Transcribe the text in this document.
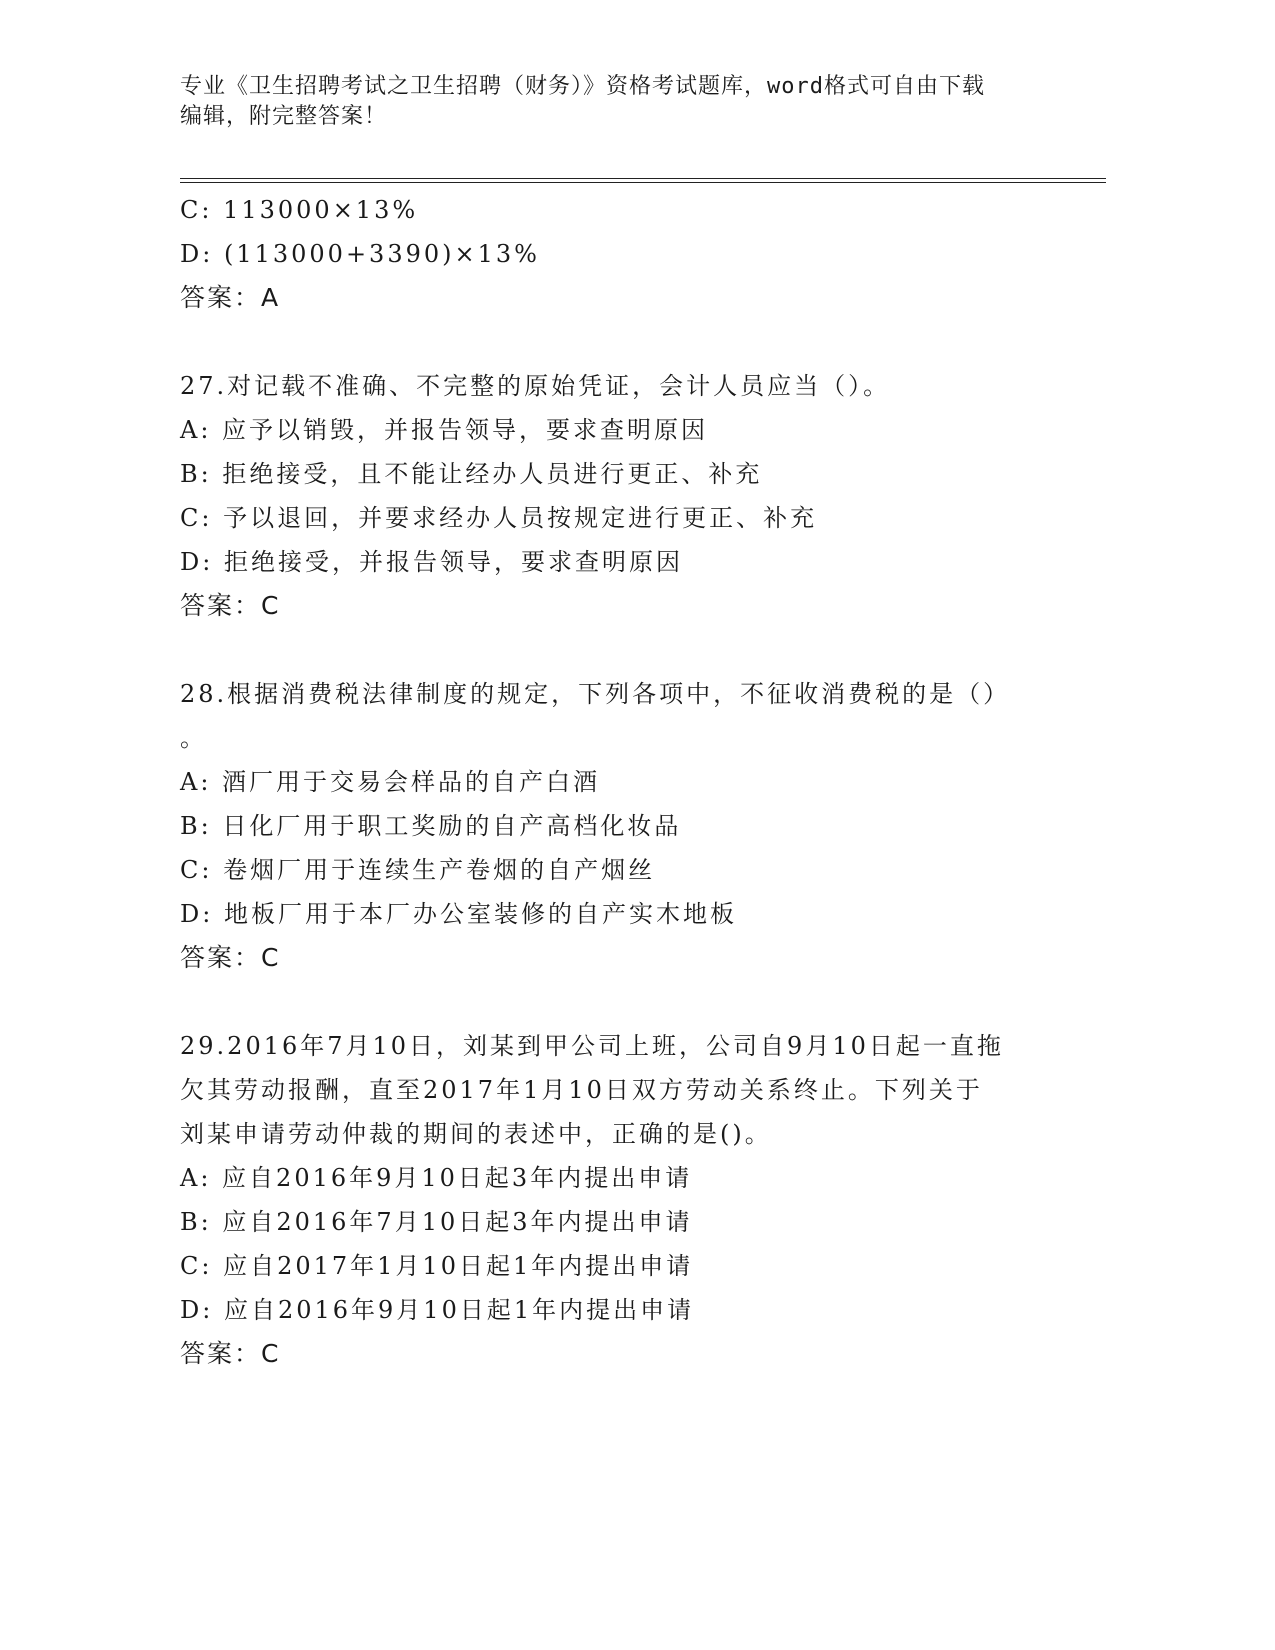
专业《卫生招聘考试之卫生招聘（财务）》资格考试题库，word格式可自由下载
编辑，附完整答案！
C: 113000×13%
D: (113000+3390)×13%
答案：A
27.对记载不准确、不完整的原始凭证，会计人员应当（）。
A: 应予以销毁，并报告领导，要求查明原因
B: 拒绝接受，且不能让经办人员进行更正、补充
C: 予以退回，并要求经办人员按规定进行更正、补充
D: 拒绝接受，并报告领导，要求查明原因
答案：C
28.根据消费税法律制度的规定，下列各项中，不征收消费税的是（）
。
A: 酒厂用于交易会样品的自产白酒
B: 日化厂用于职工奖励的自产高档化妆品
C: 卷烟厂用于连续生产卷烟的自产烟丝
D: 地板厂用于本厂办公室装修的自产实木地板
答案：C
29.2016年7月10日，刘某到甲公司上班，公司自9月10日起一直拖
欠其劳动报酬，直至2017年1月10日双方劳动关系终止。下列关于
刘某申请劳动仲裁的期间的表述中，正确的是()。
A: 应自2016年9月10日起3年内提出申请
B: 应自2016年7月10日起3年内提出申请
C: 应自2017年1月10日起1年内提出申请
D: 应自2016年9月10日起1年内提出申请
答案：C
